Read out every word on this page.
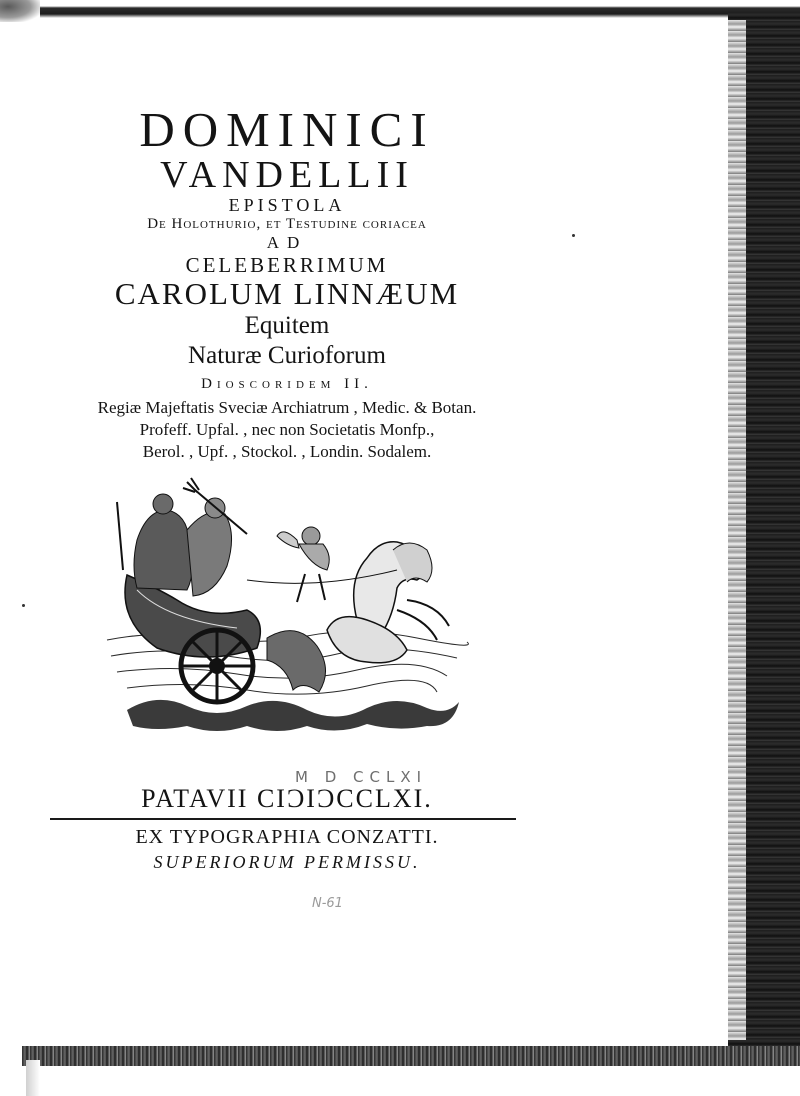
DOMINICI

VANDELLII

EPISTOLA

De Holothurio, et Testudine coriacea

AD

CELEBERRIMUM

CAROLUM LINNÆUM

Equitem

Naturæ Curioforum

Dioscoridem II.

Regiæ Majeftatis Sveciæ Archiatrum , Medic. & Botan.

Profeff. Upfal. , nec non Societatis Monfp.,

Berol. , Upf. , Stockol. , Londin. Sodalem.

M D CCLXI
PATAVII CIƆIƆCCLXI.
EX TYPOGRAPHIA CONZATTI.
SUPERIORUM PERMISSU.
N-61
